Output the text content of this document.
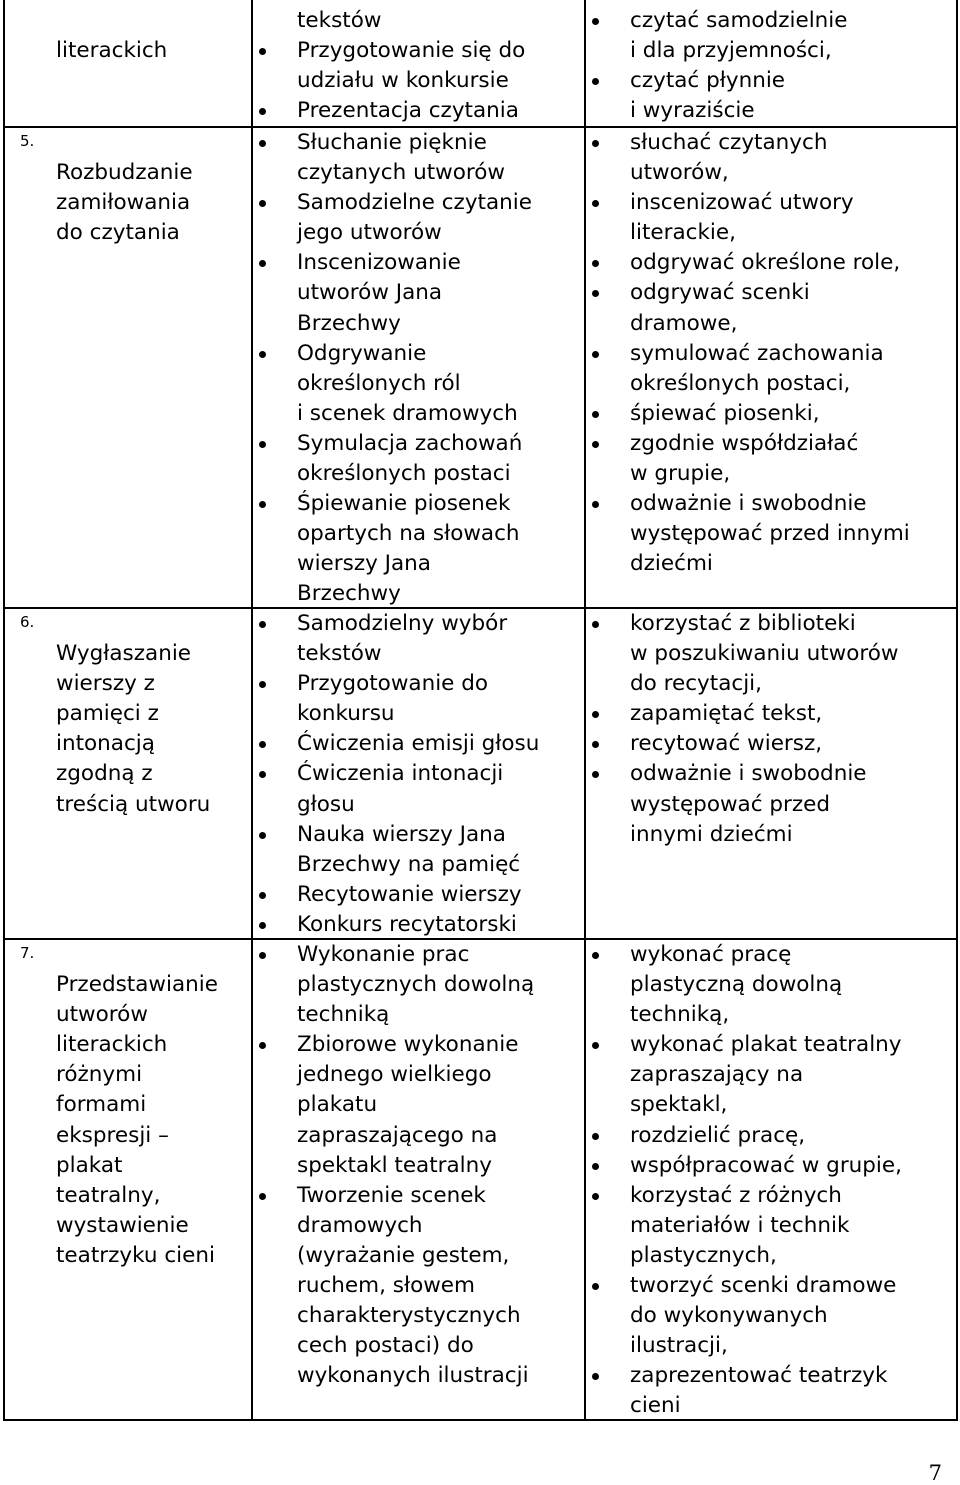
literackich

tekstów
Przygotowanie się do
udziału w konkursie
Prezentacja czytania
czytać samodzielnie
i dla przyjemności,
czytać płynnie
i wyraziście
5.

Rozbudzanie
zamiłowania
do czytania

Słuchanie pięknie
czytanych utworów
Samodzielne czytanie
jego utworów
Inscenizowanie
utworów Jana
Brzechwy
Odgrywanie
określonych ról
i scenek dramowych
Symulacja zachowań
określonych postaci
Śpiewanie piosenek
opartych na słowach
wierszy Jana
Brzechwy
słuchać czytanych
utworów,
inscenizować utwory
literackie,
odgrywać określone role,
odgrywać scenki
dramowe,
symulować zachowania
określonych postaci,
śpiewać piosenki,
zgodnie współdziałać
w grupie,
odważnie i swobodnie
występować przed innymi
dziećmi
6.

Wygłaszanie
wierszy z
pamięci z
intonacją
zgodną z
treścią utworu

Samodzielny wybór
tekstów
Przygotowanie do
konkursu
Ćwiczenia emisji głosu
Ćwiczenia intonacji
głosu
Nauka wierszy Jana
Brzechwy na pamięć
Recytowanie wierszy
Konkurs recytatorski
korzystać z biblioteki
w poszukiwaniu utworów
do recytacji,
zapamiętać tekst,
recytować wiersz,
odważnie i swobodnie
występować przed
innymi dziećmi
7.

Przedstawianie
utworów
literackich
różnymi
formami
ekspresji –
plakat
teatralny,
wystawienie
teatrzyku cieni

Wykonanie prac
plastycznych dowolną
techniką
Zbiorowe wykonanie
jednego wielkiego
plakatu
zapraszającego na
spektakl teatralny
Tworzenie scenek
dramowych
(wyrażanie gestem,
ruchem, słowem
charakterystycznych
cech postaci) do
wykonanych ilustracji
wykonać pracę
plastyczną dowolną
techniką,
wykonać plakat teatralny
zapraszający na
spektakl,
rozdzielić pracę,
współpracować w grupie,
korzystać z różnych
materiałów i technik
plastycznych,
tworzyć scenki dramowe
do wykonywanych
ilustracji,
zaprezentować teatrzyk
cieni
7
